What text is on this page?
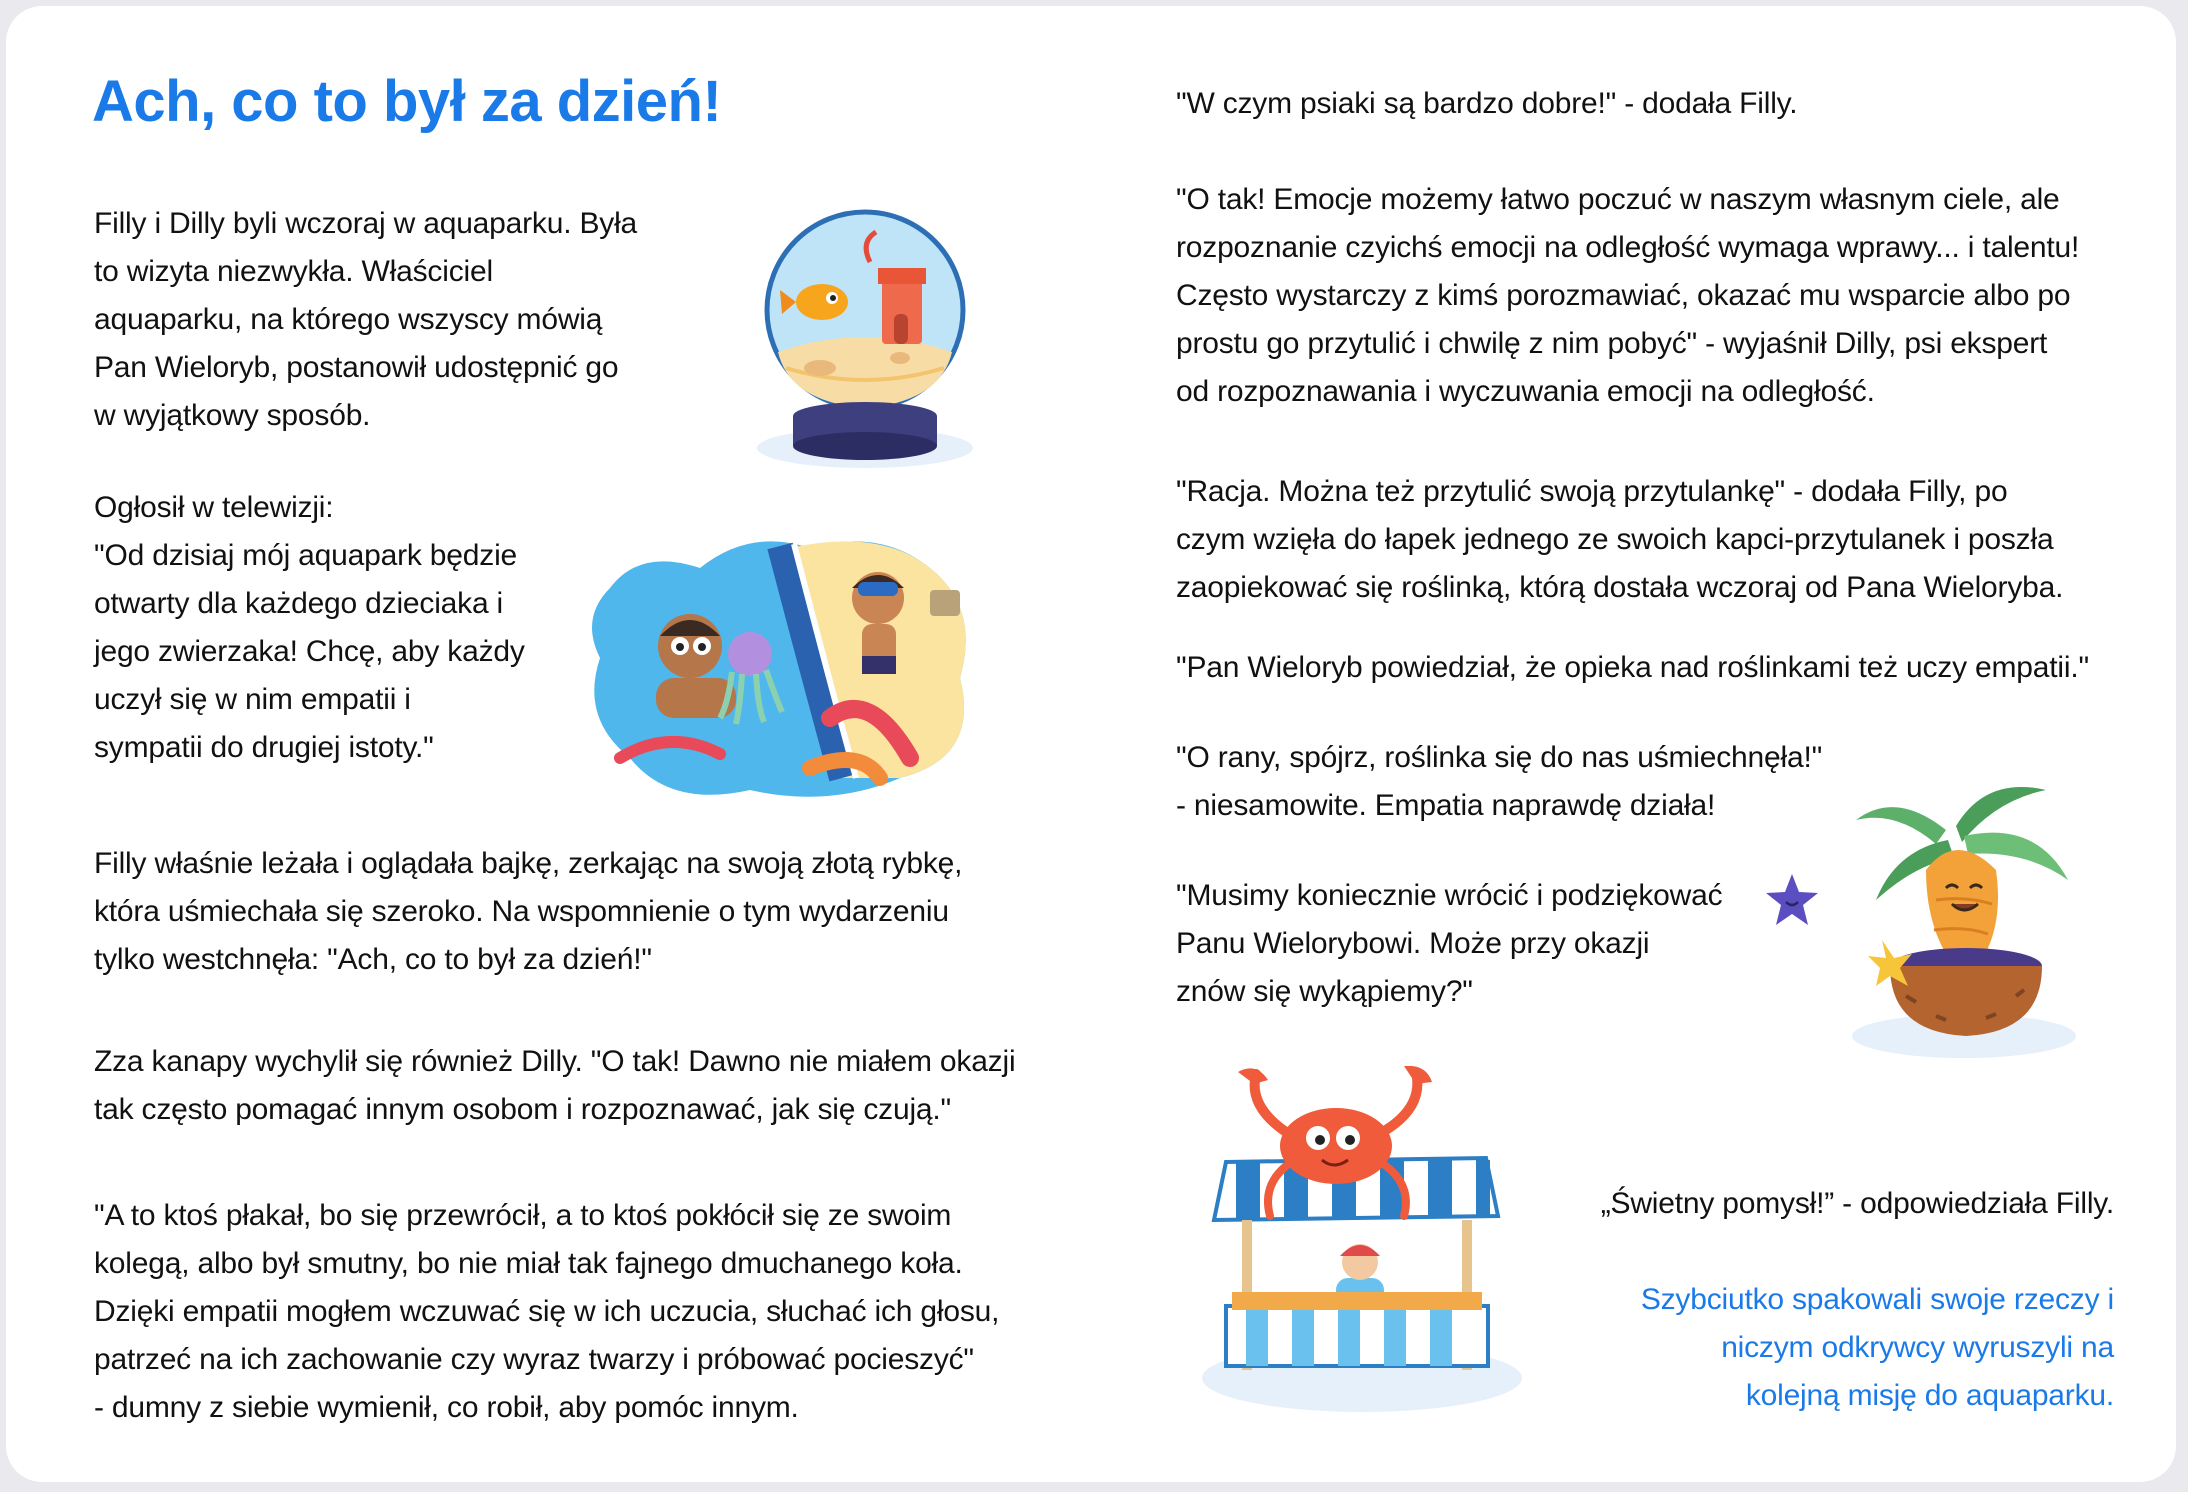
Ach, co to był za dzień!

Filly i Dilly byli wczoraj w aquaparku. Była
to wizyta niezwykła. Właściciel
aquaparku, na którego wszyscy mówią
Pan Wieloryb, postanowił udostępnić go
w wyjątkowy sposób.

Ogłosił w telewizji:
"Od dzisiaj mój aquapark będzie
otwarty dla każdego dzieciaka i
jego zwierzaka! Chcę, aby każdy
uczył się w nim empatii i
sympatii do drugiej istoty."

Filly właśnie leżała i oglądała bajkę, zerkając na swoją złotą rybkę,
która uśmiechała się szeroko. Na wspomnienie o tym wydarzeniu
tylko westchnęła: "Ach, co to był za dzień!"

Zza kanapy wychylił się również Dilly. "O tak! Dawno nie miałem okazji
tak często pomagać innym osobom i rozpoznawać, jak się czują."

"A to ktoś płakał, bo się przewrócił, a to ktoś pokłócił się ze swoim
kolegą, albo był smutny, bo nie miał tak fajnego dmuchanego koła.
Dzięki empatii mogłem wczuwać się w ich uczucia, słuchać ich głosu,
patrzeć na ich zachowanie czy wyraz twarzy i próbować pocieszyć"
- dumny z siebie wymienił, co robił, aby pomóc innym.

"W czym psiaki są bardzo dobre!" - dodała Filly.

"O tak! Emocje możemy łatwo poczuć w naszym własnym ciele, ale
rozpoznanie czyichś emocji na odległość wymaga wprawy... i talentu!
Często wystarczy z kimś porozmawiać, okazać mu wsparcie albo po
prostu go przytulić i chwilę z nim pobyć" - wyjaśnił Dilly, psi ekspert
od rozpoznawania i wyczuwania emocji na odległość.

"Racja. Można też przytulić swoją przytulankę" - dodała Filly, po
czym wzięła do łapek jednego ze swoich kapci-przytulanek i poszła
zaopiekować się roślinką, którą dostała wczoraj od Pana Wieloryba.

"Pan Wieloryb powiedział, że opieka nad roślinkami też uczy empatii."

"O rany, spójrz, roślinka się do nas uśmiechnęła!"
- niesamowite. Empatia naprawdę działa!

"Musimy koniecznie wrócić i podziękować
Panu Wielorybowi. Może przy okazji
znów się wykąpiemy?"

„Świetny pomysł!” - odpowiedziała Filly.

Szybciutko spakowali swoje rzeczy i
niczym odkrywcy wyruszyli na
kolejną misję do aquaparku.
